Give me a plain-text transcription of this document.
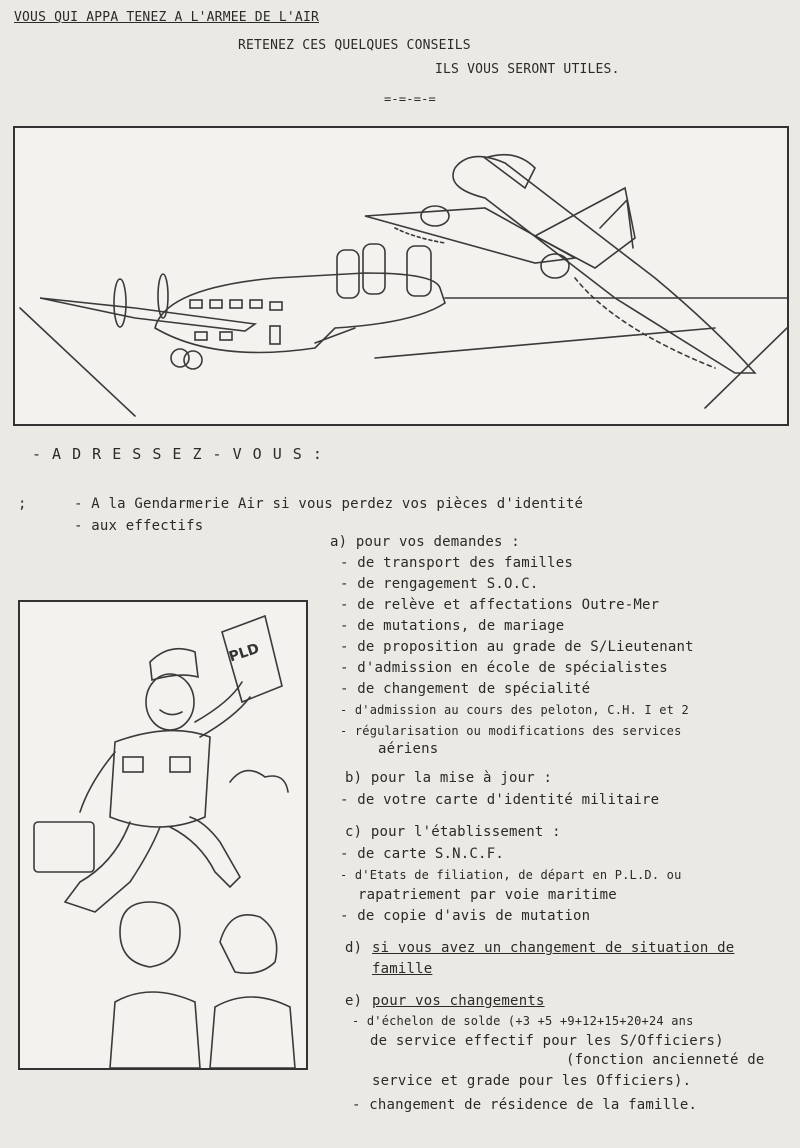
VOUS QUI APPA TENEZ A L'ARMEE DE L'AIR
RETENEZ CES QUELQUES CONSEILS
ILS VOUS SERONT UTILES.
=-=-=-=
- A D R E S S E Z - V O U S :
;	- A la Gendarmerie Air si vous perdez vos pièces d'identité
- aux effectifs
PLD
a) pour vos demandes :
- de transport des familles
- de rengagement S.O.C.
- de relève et affectations Outre-Mer
- de mutations, de mariage
- de proposition au grade de S/Lieutenant
- d'admission en école de spécialistes
- de changement de spécialité
- d'admission au cours des peloton, C.H. I et 2
- régularisation ou modifications des services
aériens
b) pour la mise à jour :
- de votre carte d'identité militaire
c) pour l'établissement :
- de carte S.N.C.F.
- d'Etats de filiation, de départ en P.L.D. ou
rapatriement par voie maritime
- de copie d'avis de mutation
d) si vous avez un changement de situation de
famille
e) pour vos changements
- d'échelon de solde (+3 +5 +9+12+15+20+24 ans
de service effectif pour les S/Officiers)
(fonction ancienneté de
service et grade pour les Officiers).
- changement de résidence de la famille.
